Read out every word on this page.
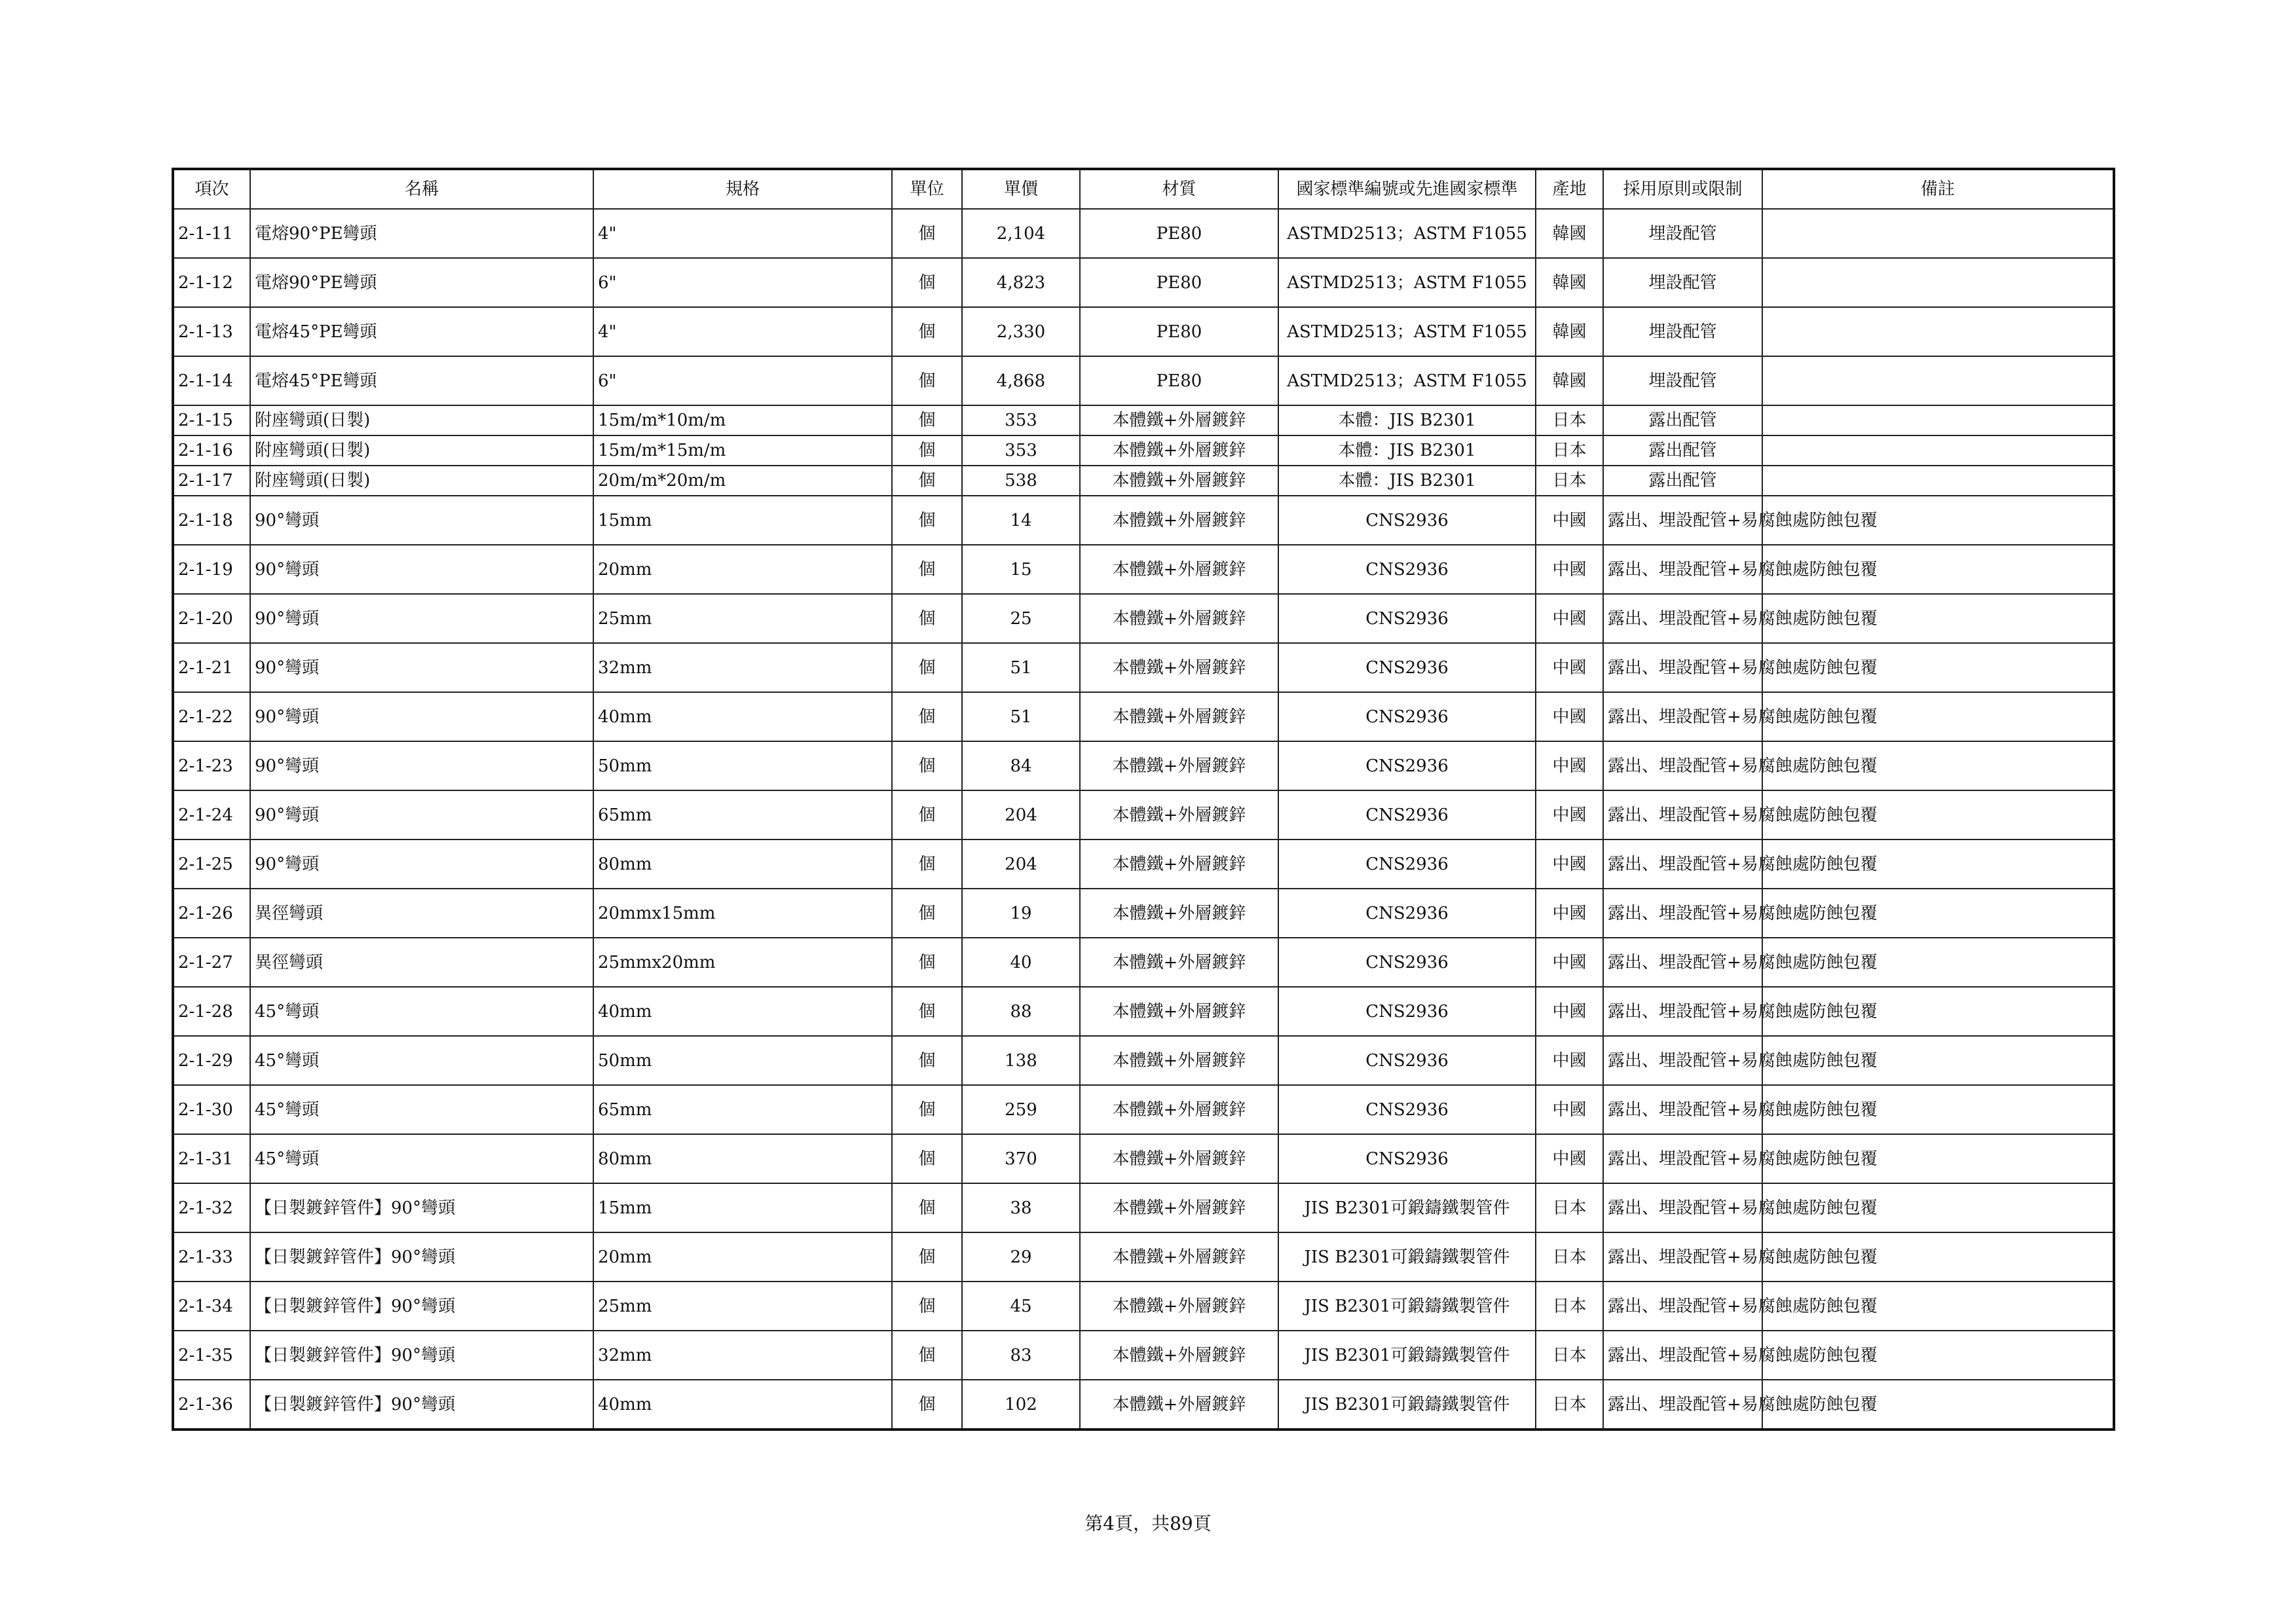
項次	名稱	規格	單位	單價	材質	國家標準編號或先進國家標準	產地	採用原則或限制	備註
2-1-11	電熔90°PE彎頭	4"	個	2,104	PE80	ASTMD2513；ASTM F1055	韓國	埋設配管	
2-1-12	電熔90°PE彎頭	6"	個	4,823	PE80	ASTMD2513；ASTM F1055	韓國	埋設配管	
2-1-13	電熔45°PE彎頭	4"	個	2,330	PE80	ASTMD2513；ASTM F1055	韓國	埋設配管	
2-1-14	電熔45°PE彎頭	6"	個	4,868	PE80	ASTMD2513；ASTM F1055	韓國	埋設配管	
2-1-15	附座彎頭(日製)	15m/m*10m/m	個	353	本體鐵+外層鍍鋅	本體：JIS B2301	日本	露出配管	
2-1-16	附座彎頭(日製)	15m/m*15m/m	個	353	本體鐵+外層鍍鋅	本體：JIS B2301	日本	露出配管	
2-1-17	附座彎頭(日製)	20m/m*20m/m	個	538	本體鐵+外層鍍鋅	本體：JIS B2301	日本	露出配管	
2-1-18	90°彎頭	15mm	個	14	本體鐵+外層鍍鋅	CNS2936	中國	露出、埋設配管+易腐蝕處防蝕包覆	
2-1-19	90°彎頭	20mm	個	15	本體鐵+外層鍍鋅	CNS2936	中國	露出、埋設配管+易腐蝕處防蝕包覆	
2-1-20	90°彎頭	25mm	個	25	本體鐵+外層鍍鋅	CNS2936	中國	露出、埋設配管+易腐蝕處防蝕包覆	
2-1-21	90°彎頭	32mm	個	51	本體鐵+外層鍍鋅	CNS2936	中國	露出、埋設配管+易腐蝕處防蝕包覆	
2-1-22	90°彎頭	40mm	個	51	本體鐵+外層鍍鋅	CNS2936	中國	露出、埋設配管+易腐蝕處防蝕包覆	
2-1-23	90°彎頭	50mm	個	84	本體鐵+外層鍍鋅	CNS2936	中國	露出、埋設配管+易腐蝕處防蝕包覆	
2-1-24	90°彎頭	65mm	個	204	本體鐵+外層鍍鋅	CNS2936	中國	露出、埋設配管+易腐蝕處防蝕包覆	
2-1-25	90°彎頭	80mm	個	204	本體鐵+外層鍍鋅	CNS2936	中國	露出、埋設配管+易腐蝕處防蝕包覆	
2-1-26	異徑彎頭	20mmx15mm	個	19	本體鐵+外層鍍鋅	CNS2936	中國	露出、埋設配管+易腐蝕處防蝕包覆	
2-1-27	異徑彎頭	25mmx20mm	個	40	本體鐵+外層鍍鋅	CNS2936	中國	露出、埋設配管+易腐蝕處防蝕包覆	
2-1-28	45°彎頭	40mm	個	88	本體鐵+外層鍍鋅	CNS2936	中國	露出、埋設配管+易腐蝕處防蝕包覆	
2-1-29	45°彎頭	50mm	個	138	本體鐵+外層鍍鋅	CNS2936	中國	露出、埋設配管+易腐蝕處防蝕包覆	
2-1-30	45°彎頭	65mm	個	259	本體鐵+外層鍍鋅	CNS2936	中國	露出、埋設配管+易腐蝕處防蝕包覆	
2-1-31	45°彎頭	80mm	個	370	本體鐵+外層鍍鋅	CNS2936	中國	露出、埋設配管+易腐蝕處防蝕包覆	
2-1-32	【日製鍍鋅管件】90°彎頭	15mm	個	38	本體鐵+外層鍍鋅	JIS B2301可鍛鑄鐵製管件	日本	露出、埋設配管+易腐蝕處防蝕包覆	
2-1-33	【日製鍍鋅管件】90°彎頭	20mm	個	29	本體鐵+外層鍍鋅	JIS B2301可鍛鑄鐵製管件	日本	露出、埋設配管+易腐蝕處防蝕包覆	
2-1-34	【日製鍍鋅管件】90°彎頭	25mm	個	45	本體鐵+外層鍍鋅	JIS B2301可鍛鑄鐵製管件	日本	露出、埋設配管+易腐蝕處防蝕包覆	
2-1-35	【日製鍍鋅管件】90°彎頭	32mm	個	83	本體鐵+外層鍍鋅	JIS B2301可鍛鑄鐵製管件	日本	露出、埋設配管+易腐蝕處防蝕包覆	
2-1-36	【日製鍍鋅管件】90°彎頭	40mm	個	102	本體鐵+外層鍍鋅	JIS B2301可鍛鑄鐵製管件	日本	露出、埋設配管+易腐蝕處防蝕包覆	
第4頁，共89頁
